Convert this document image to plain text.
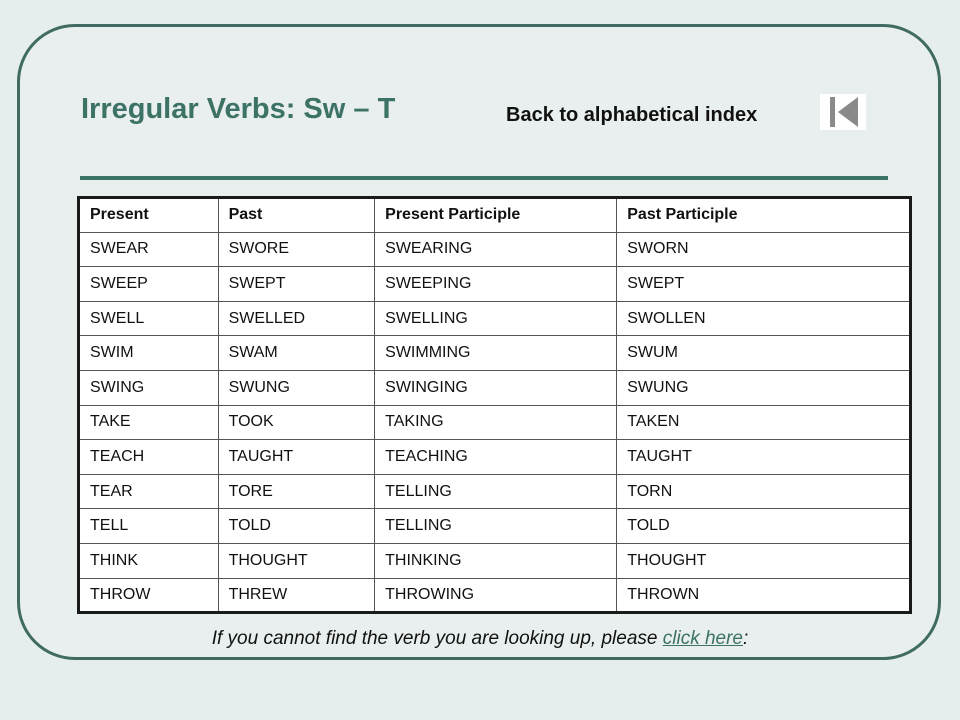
Irregular Verbs: Sw – T	Back to alphabetical index
Present	Past	Present Participle	Past Participle
SWEAR	SWORE	SWEARING	SWORN
SWEEP	SWEPT	SWEEPING	SWEPT
SWELL	SWELLED	SWELLING	SWOLLEN
SWIM	SWAM	SWIMMING	SWUM
SWING	SWUNG	SWINGING	SWUNG
TAKE	TOOK	TAKING	TAKEN
TEACH	TAUGHT	TEACHING	TAUGHT
TEAR	TORE	TELLING	TORN
TELL	TOLD	TELLING	TOLD
THINK	THOUGHT	THINKING	THOUGHT
THROW	THREW	THROWING	THROWN
If you cannot find the verb you are looking up, please click here:
